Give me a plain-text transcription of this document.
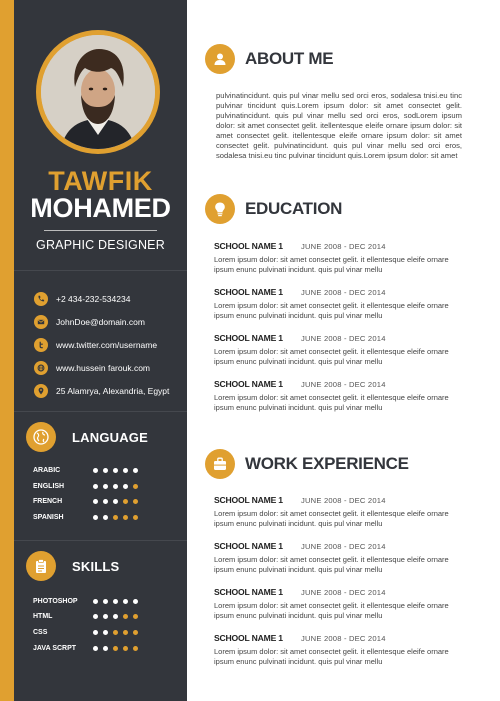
TAWFIK
MOHAMED
GRAPHIC DESIGNER
+2 434-232-534234
JohnDoe@domain.com
www.twitter.com/username
www.hussein farouk.com
25 Alamrya, Alexandria, Egypt
LANGUAGE
ARABIC
ENGLISH
FRENCH
SPANISH
SKILLS
PHOTOSHOP
HTML
CSS
JAVA SCRPT
ABOUT ME
pulvinatincidunt. quis pul vinar mellu sed orci eros, sodalesa tnisi.eu tinc pulvinar tincidunt quis.Lorem ipsum dolor: sit amet consectet gelit. pulvinatincidunt. quis pul vinar mellu sed orci eros, sodLorem ipsum dolor: sit amet consectet gelit. itellentesque eleife ornare ipsum dolor: sit amet consectet gelit. itellentesque eleife ornare ipsum dolor: sit amet consectet gelit. pulvinatincidunt. quis pul vinar mellu sed orci eros, sodalesa tnisi.eu tinc pulvinar tincidunt quis.Lorem ipsum dolor: sit amet
EDUCATION
SCHOOL NAME 1	JUNE 2008 - DEC 2014
Lorem ipsum dolor: sit amet consectet gelit. it ellentesque eleife ornare ipsum enunc pulvinati incidunt. quis pul vinar mellu
SCHOOL NAME 1	JUNE 2008 - DEC 2014
Lorem ipsum dolor: sit amet consectet gelit. it ellentesque eleife ornare ipsum enunc pulvinati incidunt. quis pul vinar mellu
SCHOOL NAME 1	JUNE 2008 - DEC 2014
Lorem ipsum dolor: sit amet consectet gelit. it ellentesque eleife ornare ipsum enunc pulvinati incidunt. quis pul vinar mellu
SCHOOL NAME 1	JUNE 2008 - DEC 2014
Lorem ipsum dolor: sit amet consectet gelit. it ellentesque eleife ornare ipsum enunc pulvinati incidunt. quis pul vinar mellu
WORK EXPERIENCE
SCHOOL NAME 1	JUNE 2008 - DEC 2014
Lorem ipsum dolor: sit amet consectet gelit. it ellentesque eleife ornare ipsum enunc pulvinati incidunt. quis pul vinar mellu
SCHOOL NAME 1	JUNE 2008 - DEC 2014
Lorem ipsum dolor: sit amet consectet gelit. it ellentesque eleife ornare ipsum enunc pulvinati incidunt. quis pul vinar mellu
SCHOOL NAME 1	JUNE 2008 - DEC 2014
Lorem ipsum dolor: sit amet consectet gelit. it ellentesque eleife ornare ipsum enunc pulvinati incidunt. quis pul vinar mellu
SCHOOL NAME 1	JUNE 2008 - DEC 2014
Lorem ipsum dolor: sit amet consectet gelit. it ellentesque eleife ornare ipsum enunc pulvinati incidunt. quis pul vinar mellu
